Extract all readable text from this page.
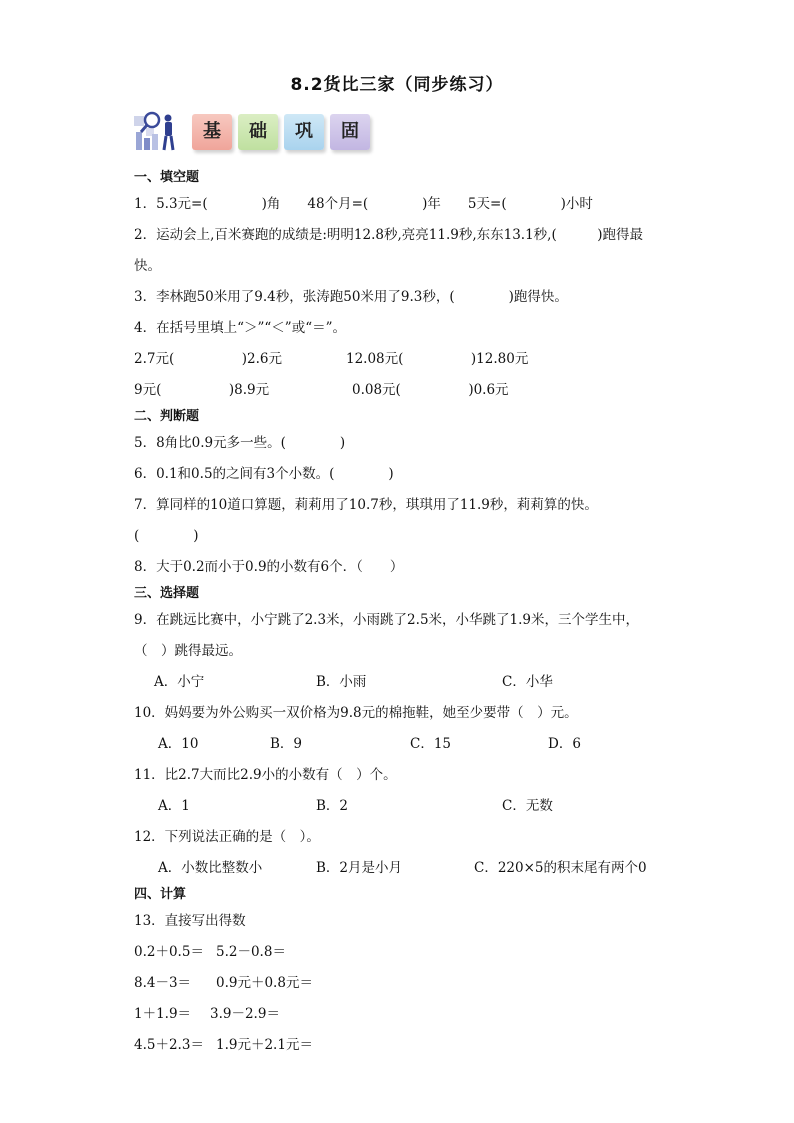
8.2货比三家（同步练习）
基	础	巩	固
一、填空题
1．5.3元=(　　　　)角　　48个月=(　　　　)年　　5天=(　　　　)小时
2．运动会上,百米赛跑的成绩是:明明12.8秒,亮亮11.9秒,东东13.1秒,(　　　)跑得最
快。
3．李林跑50米用了9.4秒，张涛跑50米用了9.3秒，(　　　　)跑得快。
4．在括号里填上“＞”“＜”或“＝”。
2.7元(　　　　　)2.6元	12.08元(　　　　　)12.80元
9元(　　　　　)8.9元	0.08元(　　　　　)0.6元
二、判断题
5．8角比0.9元多一些。(　　　　)
6．0.1和0.5的之间有3个小数。(　　　　)
7．算同样的10道口算题，莉莉用了10.7秒，琪琪用了11.9秒，莉莉算的快。
(　　　　)
8．大于0.2而小于0.9的小数有6个．（　　）
三、选择题
9．在跳远比赛中，小宁跳了2.3米，小雨跳了2.5米，小华跳了1.9米，三个学生中，
（　）跳得最远。
A．小宁	B．小雨	C．小华
10．妈妈要为外公购买一双价格为9.8元的棉拖鞋，她至少要带（　）元。
A．10	B．9	C．15	D．6
11．比2.7大而比2.9小的小数有（　）个。
A．1	B．2	C．无数
12．下列说法正确的是（　）。
A．小数比整数小	B．2月是小月	C．220×5的积末尾有两个0
四、计算
13．直接写出得数
0.2＋0.5＝ 5.2－0.8＝
8.4－3＝ 0.9元＋0.8元＝
1＋1.9＝ 3.9－2.9＝
4.5＋2.3＝ 1.9元＋2.1元＝
